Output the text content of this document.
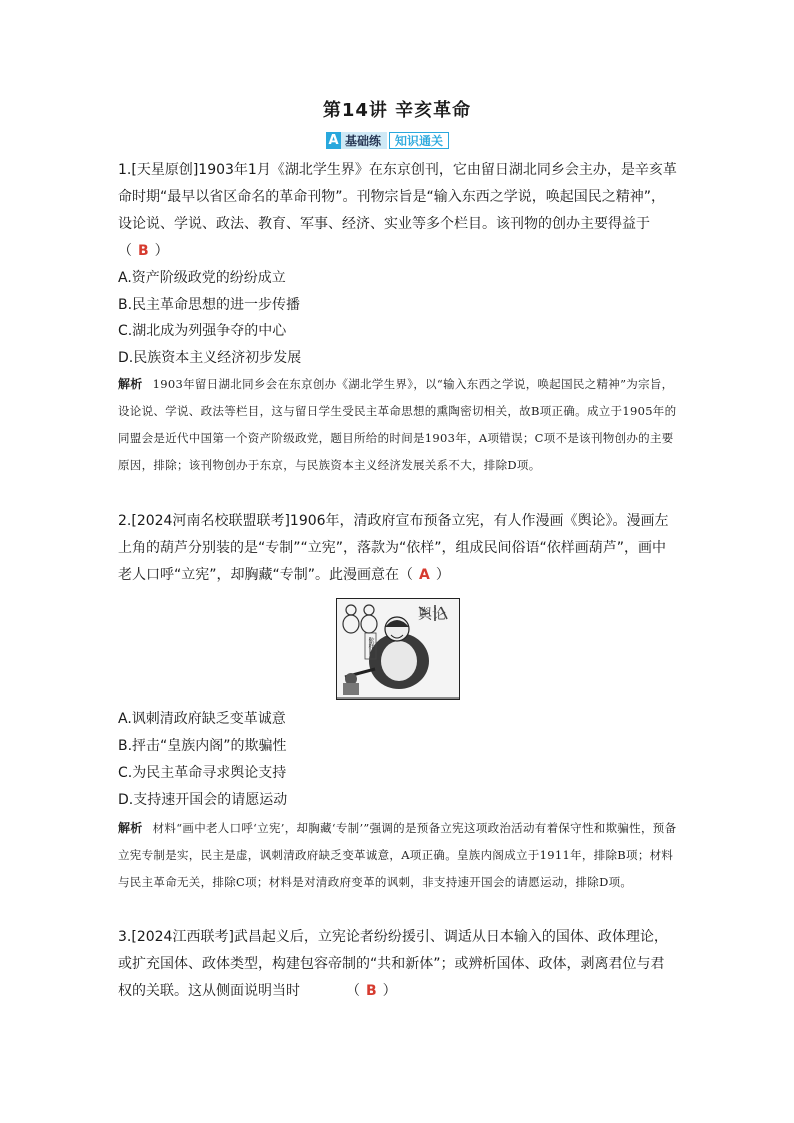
第14讲 辛亥革命
A 基础练	知识通关
1.[天星原创]1903年1月《湖北学生界》在东京创刊，它由留日湖北同乡会主办，是辛亥革命时期“最早以省区命名的革命刊物”。刊物宗旨是“输入东西之学说，唤起国民之精神”，设论说、学说、政法、教育、军事、经济、实业等多个栏目。该刊物的创办主要得益于（ B ）
A.资产阶级政党的纷纷成立
B.民主革命思想的进一步传播
C.湖北成为列强争夺的中心
D.民族资本主义经济初步发展
解析 1903年留日湖北同乡会在东京创办《湖北学生界》，以“输入东西之学说，唤起国民之精神”为宗旨，设论说、学说、政法等栏目，这与留日学生受民主革命思想的熏陶密切相关，故B项正确。成立于1905年的同盟会是近代中国第一个资产阶级政党，题目所给的时间是1903年，A项错误；C项不是该刊物创办的主要原因，排除；该刊物创办于东京，与民族资本主义经济发展关系不大，排除D项。
2.[2024河南名校联盟联考]1906年，清政府宣布预备立宪，有人作漫画《舆论》。漫画左上角的葫芦分别装的是“专制”“立宪”，落款为“依样”，组成民间俗语“依样画葫芦”，画中老人口呼“立宪”，却胸藏“专制”。此漫画意在（ A ）
舆论
依样
A.讽刺清政府缺乏变革诚意
B.抨击“皇族内阁”的欺骗性
C.为民主革命寻求舆论支持
D.支持速开国会的请愿运动
解析 材料“画中老人口呼‘立宪’，却胸藏‘专制’”强调的是预备立宪这项政治活动有着保守性和欺骗性，预备立宪专制是实，民主是虚，讽刺清政府缺乏变革诚意，A项正确。皇族内阁成立于1911年，排除B项；材料与民主革命无关，排除C项；材料是对清政府变革的讽刺，非支持速开国会的请愿运动，排除D项。
3.[2024江西联考]武昌起义后，立宪论者纷纷援引、调适从日本输入的国体、政体理论，或扩充国体、政体类型，构建包容帝制的“共和新体”；或辨析国体、政体，剥离君位与君权的关联。这从侧面说明当时	（ B ）
